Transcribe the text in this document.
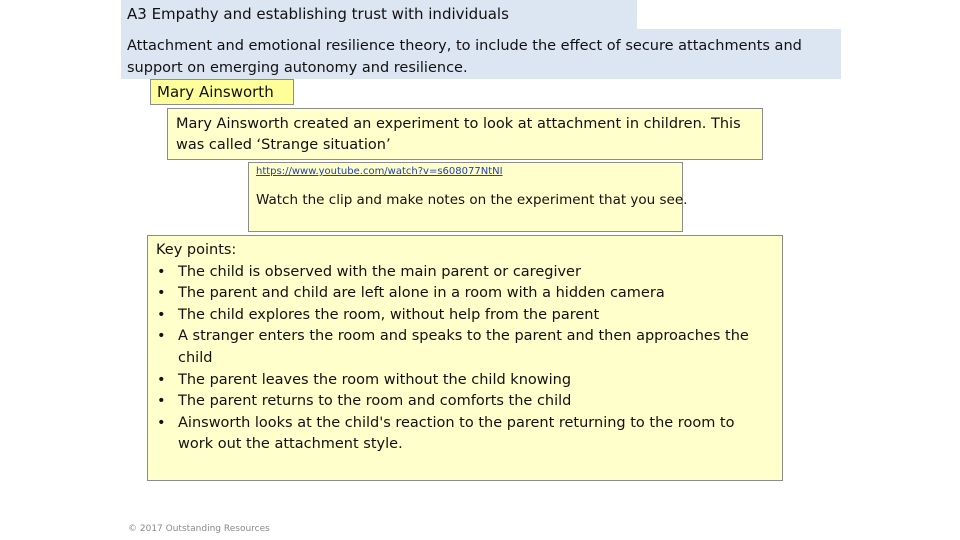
A3 Empathy and establishing trust with individuals
Attachment and emotional resilience theory, to include the effect of secure attachments and support on emerging autonomy and resilience.
Mary Ainsworth
Mary Ainsworth created an experiment to look at attachment in children. This was called ‘Strange situation’
https://www.youtube.com/watch?v=s608077NtNI
Watch the clip and make notes on the experiment that you see.
Key points:
• The child is observed with the main parent or caregiver
• The parent and child are left alone in a room with a hidden camera
• The child explores the room, without help from the parent
• A stranger enters the room and speaks to the parent and then approaches the child
• The parent leaves the room without the child knowing
• The parent returns to the room and comforts the child
• Ainsworth looks at the child's reaction to the parent returning to the room to work out the attachment style.
© 2017 Outstanding Resources
